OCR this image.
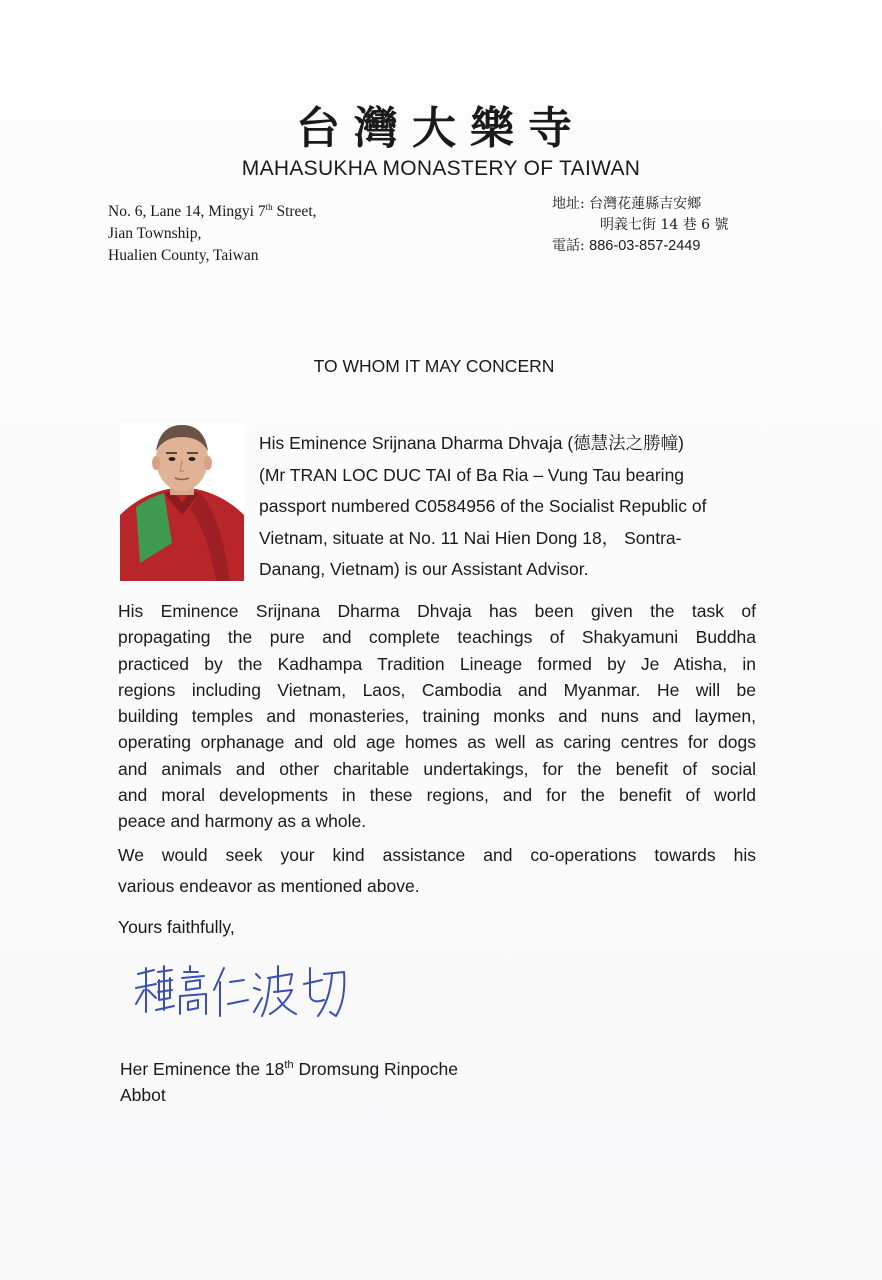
台灣大樂寺
MAHASUKHA MONASTERY OF TAIWAN
No. 6, Lane 14, Mingyi 7th Street,
Jian Township,
Hualien County, Taiwan
地址: 台灣花蓮縣吉安鄉
明義七街 14 巷 6 號
電話: 886-03-857-2449
TO WHOM IT MAY CONCERN
His Eminence Srijnana Dharma Dhvaja (德慧法之勝幢)
(Mr TRAN LOC DUC TAI of Ba Ria – Vung Tau bearing
passport numbered C0584956 of the Socialist Republic of
Vietnam, situate at No. 11 Nai Hien Dong 18， Sontra-
Danang, Vietnam) is our Assistant Advisor.
His Eminence Srijnana Dharma Dhvaja has been given the task of
propagating the pure and complete teachings of Shakyamuni Buddha
practiced by the Kadhampa Tradition Lineage formed by Je Atisha, in
regions including Vietnam, Laos, Cambodia and Myanmar. He will be
building temples and monasteries, training monks and nuns and laymen,
operating orphanage and old age homes as well as caring centres for dogs
and animals and other charitable undertakings, for the benefit of social
and moral developments in these regions, and for the benefit of world
peace and harmony as a whole.
We would seek your kind assistance and co-operations towards his
various endeavor as mentioned above.
Yours faithfully,
Her Eminence the 18th Dromsung Rinpoche
Abbot
